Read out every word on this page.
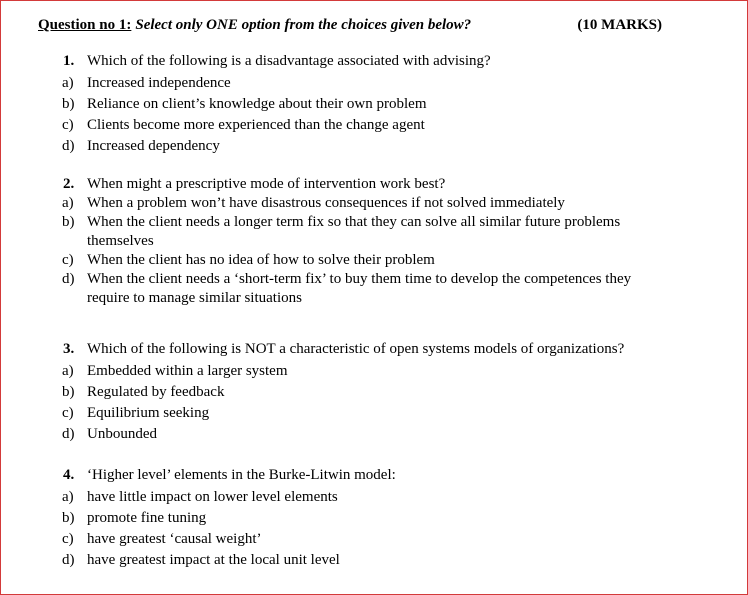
Question no 1: Select only ONE option from the choices given below?	(10 MARKS)
1. Which of the following is a disadvantage associated with advising?
a) Increased independence
b) Reliance on client’s knowledge about their own problem
c) Clients become more experienced than the change agent
d) Increased dependency
2. When might a prescriptive mode of intervention work best?
a) When a problem won’t have disastrous consequences if not solved immediately
b) When the client needs a longer term fix so that they can solve all similar future problems themselves
c) When the client has no idea of how to solve their problem
d) When the client needs a ‘short-term fix’ to buy them time to develop the competences they require to manage similar situations
3. Which of the following is NOT a characteristic of open systems models of organizations?
a) Embedded within a larger system
b) Regulated by feedback
c) Equilibrium seeking
d) Unbounded
4. ‘Higher level’ elements in the Burke-Litwin model:
a) have little impact on lower level elements
b) promote fine tuning
c) have greatest ‘causal weight’
d) have greatest impact at the local unit level
